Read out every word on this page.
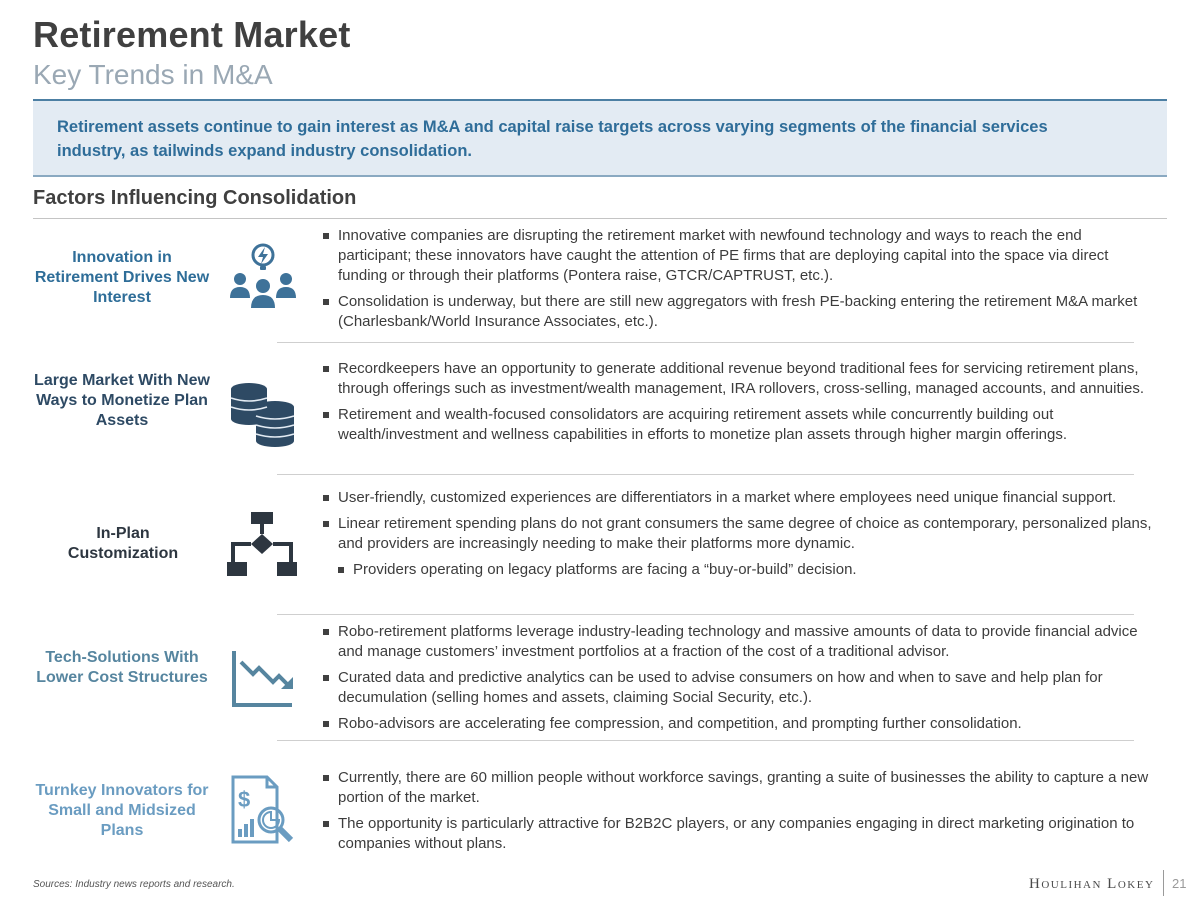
Retirement Market
Key Trends in M&A
Retirement assets continue to gain interest as M&A and capital raise targets across varying segments of the financial services industry, as tailwinds expand industry consolidation.
Factors Influencing Consolidation
Innovation in Retirement Drives New Interest
Innovative companies are disrupting the retirement market with newfound technology and ways to reach the end participant; these innovators have caught the attention of PE firms that are deploying capital into the space via direct funding or through their platforms (Pontera raise, GTCR/CAPTRUST, etc.).
Consolidation is underway, but there are still new aggregators with fresh PE-backing entering the retirement M&A market (Charlesbank/World Insurance Associates, etc.).
Large Market With New Ways to Monetize Plan Assets
Recordkeepers have an opportunity to generate additional revenue beyond traditional fees for servicing retirement plans, through offerings such as investment/wealth management, IRA rollovers, cross-selling, managed accounts, and annuities.
Retirement and wealth-focused consolidators are acquiring retirement assets while concurrently building out wealth/investment and wellness capabilities in efforts to monetize plan assets through higher margin offerings.
In-Plan Customization
User-friendly, customized experiences are differentiators in a market where employees need unique financial support.
Linear retirement spending plans do not grant consumers the same degree of choice as contemporary, personalized plans, and providers are increasingly needing to make their platforms more dynamic.
Providers operating on legacy platforms are facing a “buy-or-build” decision.
Tech-Solutions With Lower Cost Structures
Robo-retirement platforms leverage industry-leading technology and massive amounts of data to provide financial advice and manage customers’ investment portfolios at a fraction of the cost of a traditional advisor.
Curated data and predictive analytics can be used to advise consumers on how and when to save and help plan for decumulation (selling homes and assets, claiming Social Security, etc.).
Robo-advisors are accelerating fee compression, and competition, and prompting further consolidation.
Turnkey Innovators for Small and Midsized Plans
$
Currently, there are 60 million people without workforce savings, granting a suite of businesses the ability to capture a new portion of the market.
The opportunity is particularly attractive for B2B2C players, or any companies engaging in direct marketing origination to companies without plans.
Sources: Industry news reports and research.	Houlihan Lokey 21
